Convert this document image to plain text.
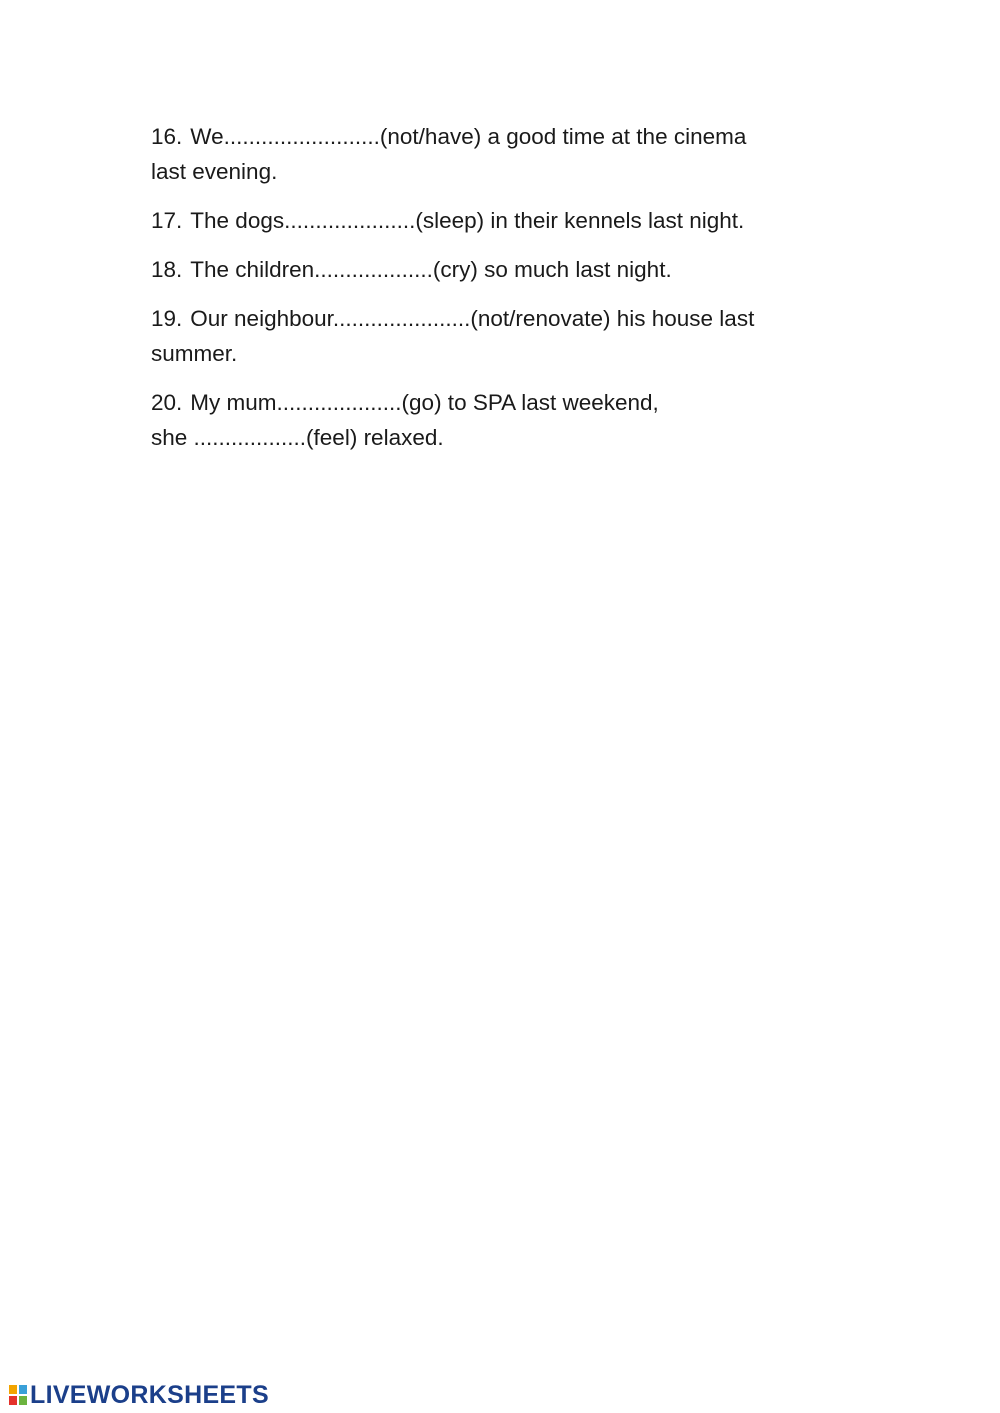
16. We.........................(not/have) a good time at the cinema
last evening.

17. The dogs.....................(sleep) in their kennels last night.

18. The children...................(cry) so much last night.

19. Our neighbour......................(not/renovate) his house last
summer.

20. My mum....................(go) to SPA last weekend,
she ..................(feel) relaxed.

LIVEWORKSHEETS
